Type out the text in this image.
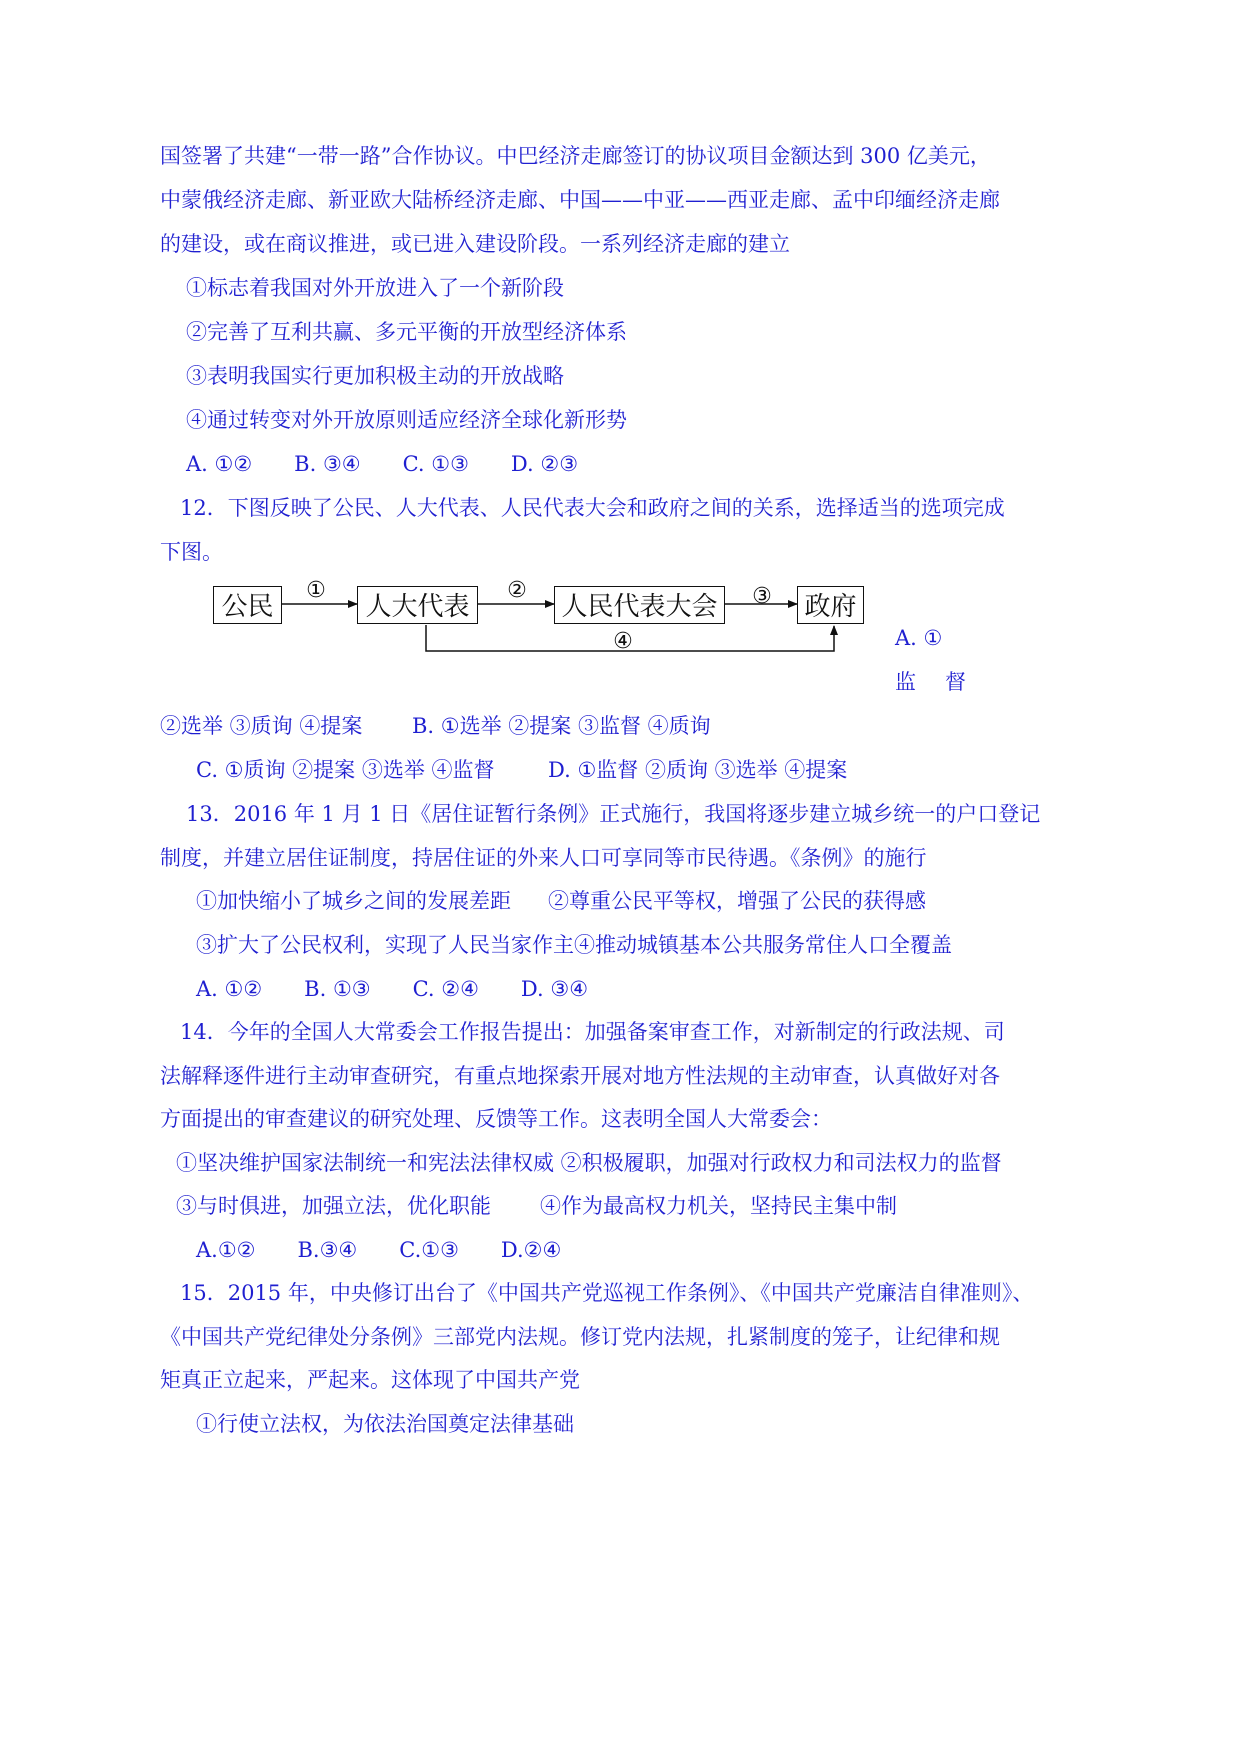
国签署了共建“一带一路”合作协议。中巴经济走廊签订的协议项目金额达到 300 亿美元，
中蒙俄经济走廊、新亚欧大陆桥经济走廊、中国——中亚——西亚走廊、孟中印缅经济走廊
的建设，或在商议推进，或已进入建设阶段。一系列经济走廊的建立
①标志着我国对外开放进入了一个新阶段
②完善了互利共赢、多元平衡的开放型经济体系
③表明我国实行更加积极主动的开放战略
④通过转变对外开放原则适应经济全球化新形势
A. ①②　　B. ③④　　C. ①③　　D. ②③
12．下图反映了公民、人大代表、人民代表大会和政府之间的关系，选择适当的选项完成
下图。
①	②	③
④
公民	人大代表	人民代表大会	政府
A. ①
监　督
②选举 ③质询 ④提案 B. ①选举 ②提案 ③监督 ④质询
C. ①质询 ②提案 ③选举 ④监督	D. ①监督 ②质询 ③选举 ④提案
13．2016 年 1 月 1 日《居住证暂行条例》正式施行，我国将逐步建立城乡统一的户口登记
制度，并建立居住证制度，持居住证的外来人口可享同等市民待遇。《条例》的施行
①加快缩小了城乡之间的发展差距 ②尊重公民平等权，增强了公民的获得感
③扩大了公民权利，实现了人民当家作主④推动城镇基本公共服务常住人口全覆盖
A. ①②　　B. ①③　　C. ②④　　D. ③④
14．今年的全国人大常委会工作报告提出：加强备案审查工作，对新制定的行政法规、司
法解释逐件进行主动审查研究，有重点地探索开展对地方性法规的主动审查，认真做好对各
方面提出的审查建议的研究处理、反馈等工作。这表明全国人大常委会：
①坚决维护国家法制统一和宪法法律权威 ②积极履职，加强对行政权力和司法权力的监督
③与时俱进，加强立法，优化职能 ④作为最高权力机关，坚持民主集中制
A.①②　　B.③④　　C.①③　　D.②④
15．2015 年，中央修订出台了《中国共产党巡视工作条例》、《中国共产党廉洁自律准则》、
《中国共产党纪律处分条例》三部党内法规。修订党内法规，扎紧制度的笼子，让纪律和规
矩真正立起来，严起来。这体现了中国共产党
①行使立法权，为依法治国奠定法律基础
